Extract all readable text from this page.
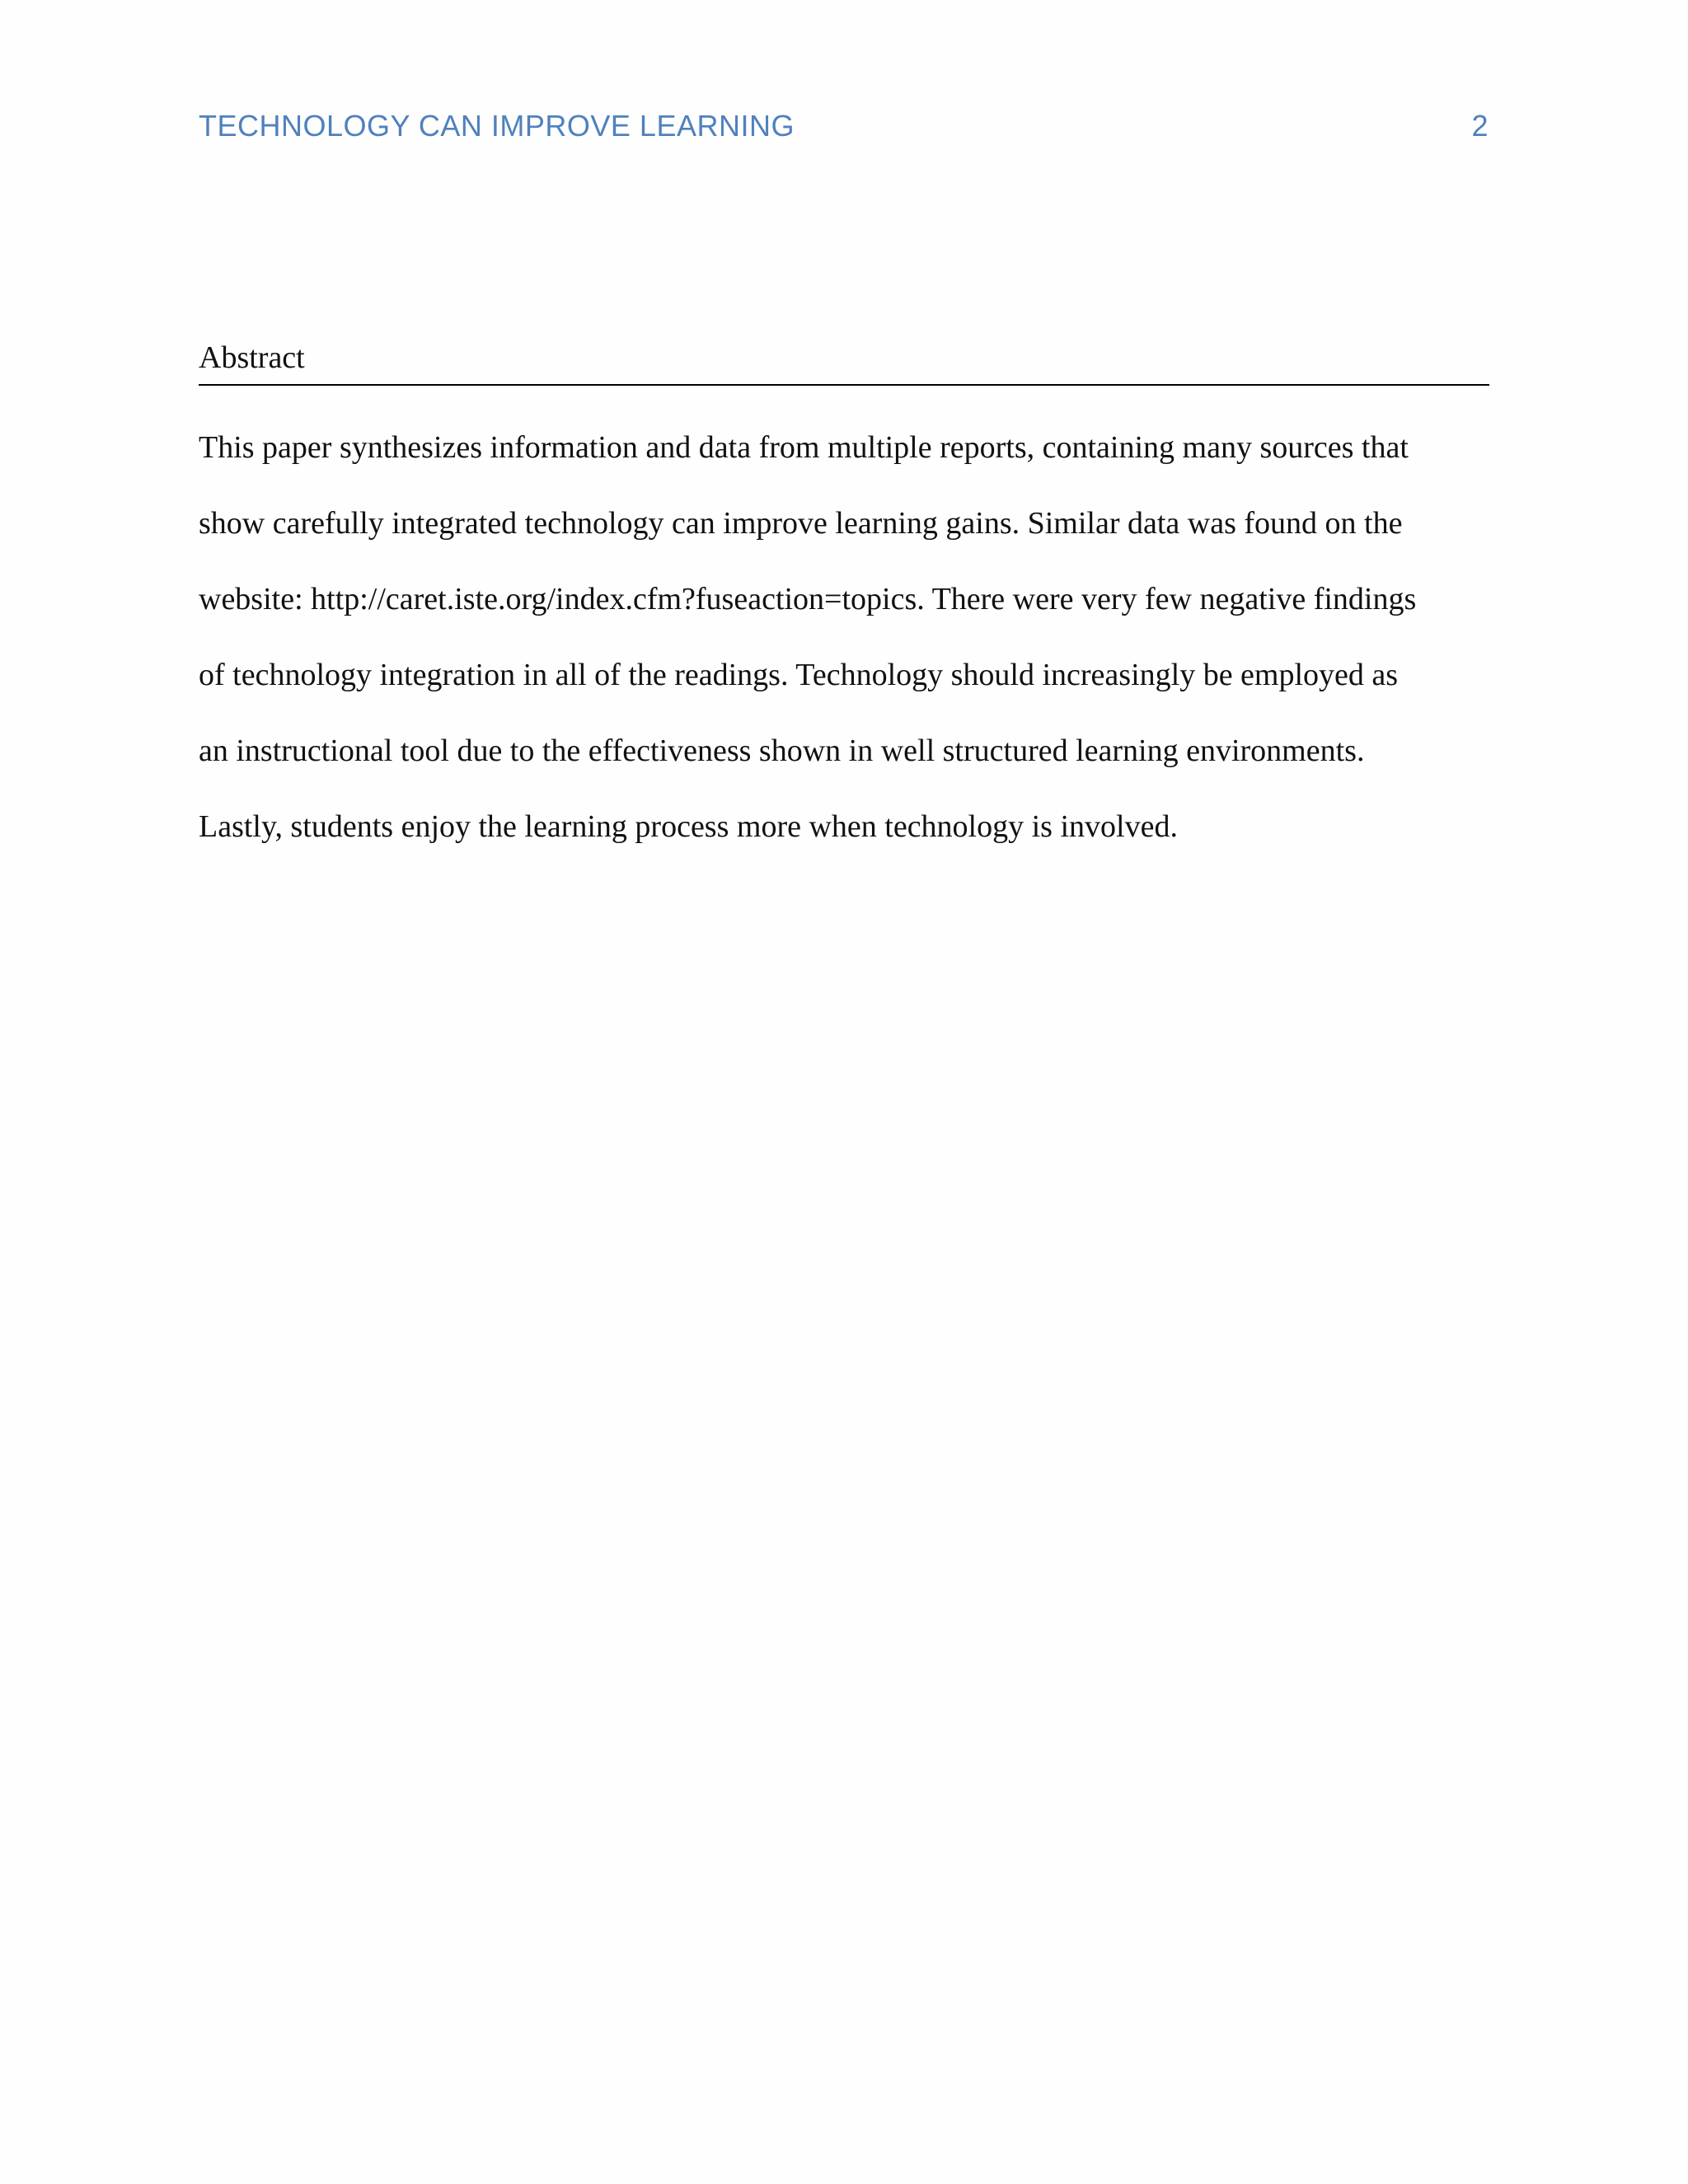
TECHNOLOGY CAN IMPROVE LEARNING	2
Abstract
This paper synthesizes information and data from multiple reports, containing many sources that
show carefully integrated technology can improve learning gains. Similar data was found on the
website: http://caret.iste.org/index.cfm?fuseaction=topics. There were very few negative findings
of technology integration in all of the readings. Technology should increasingly be employed as
an instructional tool due to the effectiveness shown in well structured learning environments.
Lastly, students enjoy the learning process more when technology is involved.
